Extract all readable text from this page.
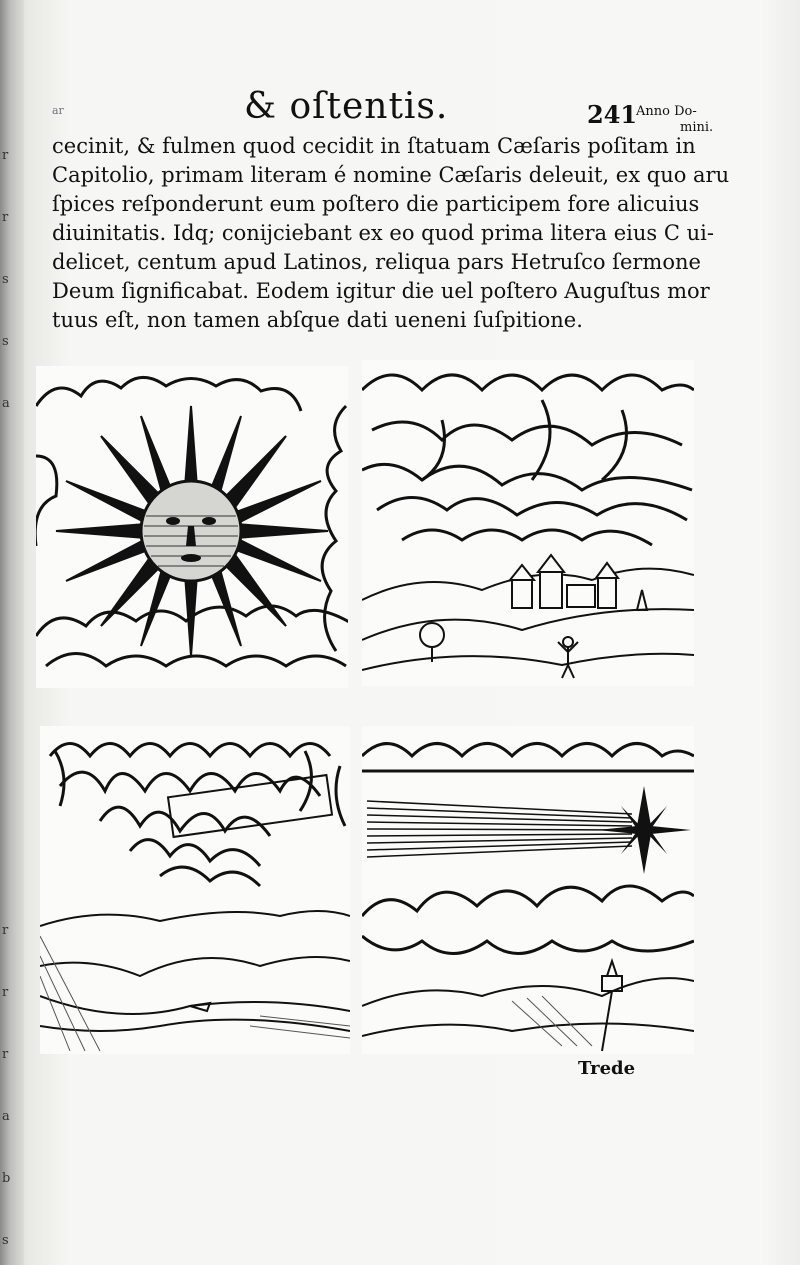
r

r

s

s

a

r

r

r

a

b

s
ar	& oſtentis.	241
Anno Do-
mini.
cecinit, & fulmen quod cecidit in ſtatuam Cæſaris poſitam in
Capitolio, primam literam é nomine Cæſaris deleuit, ex quo aru
ſpices reſponderunt eum poſtero die participem fore alicuius
diuinitatis. Idq; conijciebant ex eo quod prima litera eius C ui-
delicet, centum apud Latinos, reliqua pars Hetruſco ſermone
Deum ſignificabat. Eodem igitur die uel poſtero Auguſtus mor
tuus eſt, non tamen abſque dati ueneni ſuſpitione.
Trede
